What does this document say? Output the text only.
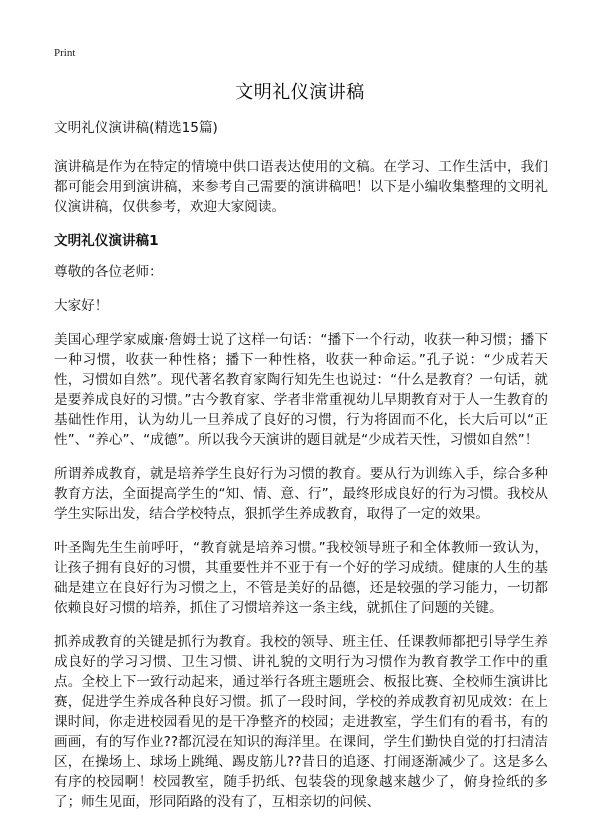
Print
文明礼仪演讲稿

文明礼仪演讲稿(精选15篇)

演讲稿是作为在特定的情境中供口语表达使用的文稿。在学习、工作生活中，我们都可能会用到演讲稿，来参考自己需要的演讲稿吧！以下是小编收集整理的文明礼仪演讲稿，仅供参考，欢迎大家阅读。

文明礼仪演讲稿1

尊敬的各位老师：

大家好！

美国心理学家威廉·詹姆士说了这样一句话：“播下一个行动，收获一种习惯；播下一种习惯，收获一种性格；播下一种性格，收获一种命运。”孔子说：“少成若天性，习惯如自然”。现代著名教育家陶行知先生也说过：“什么是教育？一句话，就是要养成良好的习惯。”古今教育家、学者非常重视幼儿早期教育对于人一生教育的基础性作用，认为幼儿一旦养成了良好的习惯，行为将固而不化，长大后可以“正性”、“养心”、“成德”。所以我今天演讲的题目就是“少成若天性，习惯如自然”！

所谓养成教育，就是培养学生良好行为习惯的教育。要从行为训练入手，综合多种教育方法，全面提高学生的“知、情、意、行”，最终形成良好的行为习惯。我校从学生实际出发，结合学校特点，狠抓学生养成教育，取得了一定的效果。

叶圣陶先生生前呼吁，“教育就是培养习惯。”我校领导班子和全体教师一致认为，让孩子拥有良好的习惯，其重要性并不亚于有一个好的学习成绩。健康的人生的基础是建立在良好行为习惯之上，不管是美好的品德，还是较强的学习能力，一切都依赖良好习惯的培养，抓住了习惯培养这一条主线，就抓住了问题的关键。

抓养成教育的关键是抓行为教育。我校的领导、班主任、任课教师都把引导学生养成良好的学习习惯、卫生习惯、讲礼貌的文明行为习惯作为教育教学工作中的重点。全校上下一致行动起来，通过举行各班主题班会、板报比赛、全校师生演讲比赛，促进学生养成各种良好习惯。抓了一段时间，学校的养成教育初见成效：在上课时间，你走进校园看见的是干净整齐的校园；走进教室，学生们有的看书，有的画画，有的写作业??都沉浸在知识的海洋里。在课间，学生们勤快自觉的打扫清洁区，在操场上、球场上跳绳、踢皮筋儿??昔日的追逐、打闹逐渐减少了。这是多么有序的校园啊！校园教室，随手扔纸、包装袋的现象越来越少了，俯身捡纸的多了；师生见面，形同陌路的没有了，互相亲切的问候、
